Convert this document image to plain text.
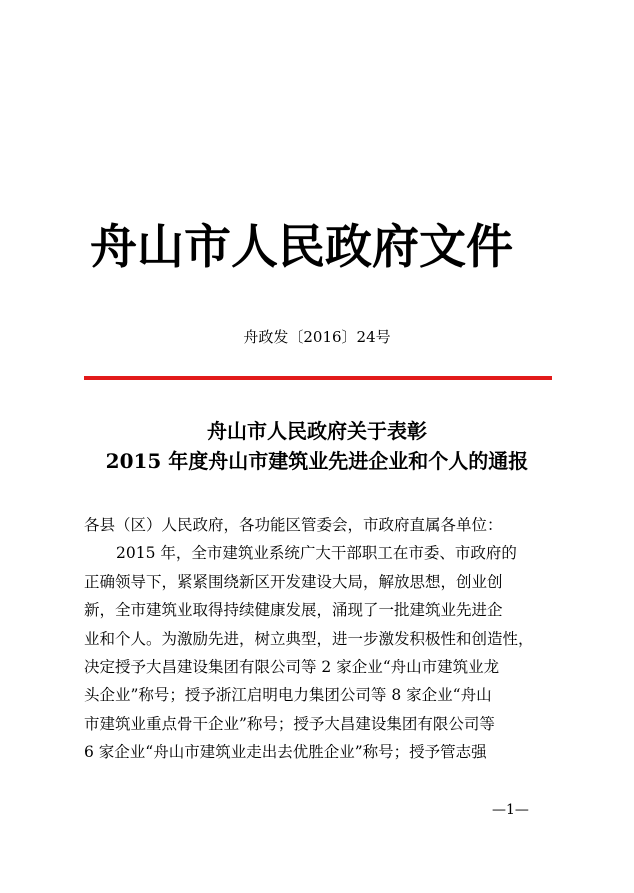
舟山市人民政府文件
舟政发〔2016〕24号
舟山市人民政府关于表彰
2015 年度舟山市建筑业先进企业和个人的通报

各县（区）人民政府，各功能区管委会，市政府直属各单位：

2015 年，全市建筑业系统广大干部职工在市委、市政府的

正确领导下，紧紧围绕新区开发建设大局，解放思想，创业创

新，全市建筑业取得持续健康发展，涌现了一批建筑业先进企

业和个人。为激励先进，树立典型，进一步激发积极性和创造性，

决定授予大昌建设集团有限公司等 2 家企业“舟山市建筑业龙

头企业”称号；授予浙江启明电力集团公司等 8 家企业“舟山

市建筑业重点骨干企业”称号；授予大昌建设集团有限公司等

6 家企业“舟山市建筑业走出去优胜企业”称号；授予管志强

—1—
